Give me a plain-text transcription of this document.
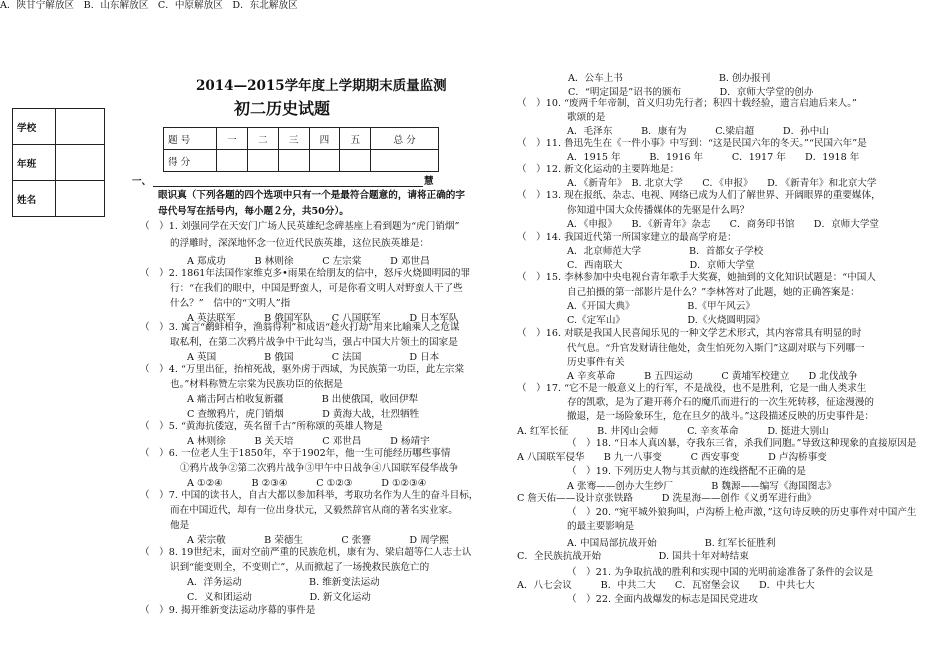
2014—2015学年度上学期期末质量监测
初二历史试题
学校	
年班	
姓名	
题 号	一	二	三	四	五	总 分
得 分						
一、	慧
眼识真（下列各题的四个选项中只有一个是最符合题意的，请将正确的字
母代号写在括号内，每小题２分，共50分）。
（　）1. 刘强同学在天安门广场人民英雄纪念碑基座上看到题为“虎门销烟”
的浮雕时，深深地怀念一位近代民族英雄，这位民族英雄是：
A 郑成功　　　B 林则徐　　　C 左宗棠　　　D 邓世昌
（　）2. 1861年法国作家维克多•雨果在给朋友的信中，怒斥火烧圆明园的罪
行：“在我们的眼中，中国是野蛮人，可是你看文明人对野蛮人干了些
什么？”　信中的“文明人”指
A 英法联军　　　B 俄国军队　　C 八国联军　　　D 日本军队
（　）3. 寓言“鹬蚌相争，渔翁得利”和成语“趁火打劫”用来比喻乘人之危谋
取私利，在第二次鸦片战争中干此勾当，强占中国大片领土的国家是
A 英国　　　　　B 俄国　　　　C 法国　　　　　D 日本
（　）4. “万里出征，抬棺死战，驱外虏于西域，为民族第一功臣，此左宗棠
也。”材料称赞左宗棠为民族功臣的依据是
A 痛击阿古柏收复新疆　　　　B 出使俄国，收回伊犁
C 查缴鸦片，虎门销烟　　　　D 黄海大战，壮烈牺牲
（　）5. “黄海抗倭寇，英名留千古”所称颂的英雄人物是
A 林则徐　　　B 关天培　　　C 邓世昌　　　D 杨靖宇
（　）6. 一位老人生于1850年，卒于1902年，他一生可能经历哪些事情
①鸦片战争②第二次鸦片战争③甲午中日战争④八国联军侵华战争
A ①②④　　　B ②③④　　　C ①②③　　　D ①②③④
（　）7. 中国的读书人，自古大都以参加科举，考取功名作为人生的奋斗目标，
而在中国近代，却有一位出身状元，又毅然辞官从商的著名实业家。
他是
A 荣宗敬　　　　B 荣德生　　　　C 张謇　　　　D 周学熙
（　）8. 19世纪末，面对空前严重的民族危机，康有为、梁启超等仁人志士认
识到“能变则全，不变则亡”，从而掀起了一场挽救民族危亡的
A．洋务运动　　　　　　　B. 维新变法运动
C．义和团运动　　　　　　D. 新文化运动
（　）9. 揭开维新变法运动序幕的事件是
A．公车上书　　　　　　　　　　B. 创办报刊
C．“明定国是”诏书的颁布　　　　D．京师大学堂的创办
（　）10. “废两千年帝制，首义归功先行者；积四十载经验，遗言启迪后来人。”
歌颂的是
A．毛泽东　　　B．康有为　　　C.梁启超　　　D．孙中山
（　）11. 鲁迅先生在《一件小事》中写到：“这是民国六年的冬天。”“民国六年”是
A．1915 年　　　B．1916 年　　　C．1917 年　　D．1918 年
（　）12. 新文化运动的主要阵地是：
A．《新青年》　B. 北京大学　　C．《申报》　　D. 《新青年》和北京大学
（　）13. 现在报纸、杂志、电视、网络已成为人们了解世界、开阔眼界的重要媒体，
你知道中国大众传播媒体的先驱是什么吗？
A．《申报》　　B．《新青年》杂志　　C．商务印书馆　　D．京师大学堂
（　）14. 我国近代第一所国家建立的最高学府是：
A．北京师范大学　　　　　B．首都女子学校
C．西南联大　　　　　　　D．京师大学堂
（　）15. 李林参加中央电视台青年歌手大奖赛，她抽到的文化知识试题是：“中国人
自己拍摄的第一部影片是什么？”李林答对了此题，她的正确答案是：
A.《开国大典》　　　　　　B.《甲午风云》
C.《定军山》　　　　　　　D.《火烧圆明园》
（　）16. 对联是我国人民喜闻乐见的一种文学艺术形式，其内容常具有明显的时
代气息。“升官发财请往他处，贪生怕死勿入斯门”这副对联与下列哪一
历史事件有关
A 辛亥革命　　　B 五四运动　　　C 黄埔军校建立　　D 北伐战争
（　）17. “它不是一般意义上的行军，不是战役，也不是胜利，它是一曲人类求生
存的凯歌，是为了避开蒋介石的魔爪而进行的一次生死转移，征途漫漫的
撤退，是一场险象环生，危在旦夕的战斗。”这段描述反映的历史事件是：
A. 红军长征　　　B. 井冈山会师　　　C. 辛亥革命　　　D. 挺进大别山
（　）18. “日本人真凶暴，夺我东三省，杀我们同胞。”导致这种现象的直接原因是
A 八国联军侵华　　B 九一八事变　　　C 西安事变　　　D 卢沟桥事变
（　）19. 下列历史人物与其贡献的连线搭配不正确的是
A 张骞——创办大生纱厂　　　　B 魏源——编写《海国图志》
C 詹天佑——设计京张铁路　　　D 洗星海——创作《义勇军进行曲》
（　）20. “宛平城外狼狗叫，卢沟桥上枪声激，”这句诗反映的历史事件对中国产生
的最主要影响是
A. 中国局部抗战开始　　　　　B. 红军长征胜利
C．全民族抗战开始　　　　　　D. 国共十年对峙结束
（　）21. 为争取抗战的胜利和实现中国的光明前途准备了条件的会议是
A．八七会议　　　B．中共二大　　C．瓦窑堡会议　　D．中共七大
（　）22. 全面内战爆发的标志是国民党进攻
A．陕甘宁解放区　B．山东解放区　C．中原解放区　D．东北解放区
